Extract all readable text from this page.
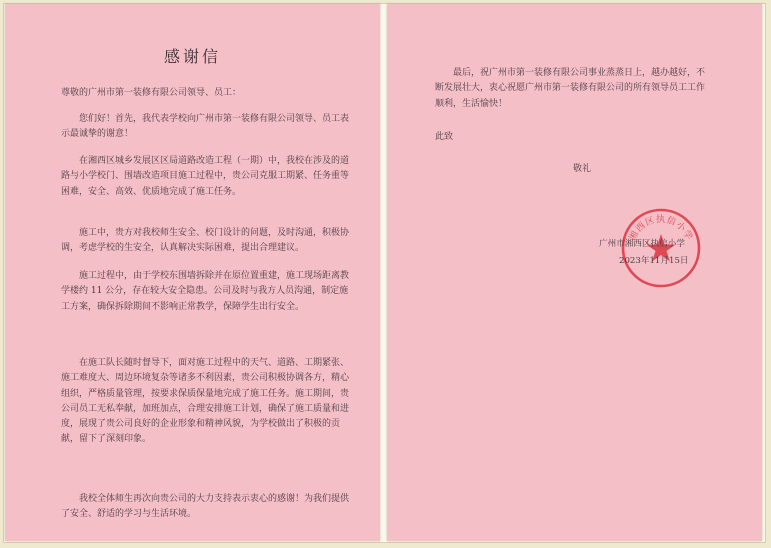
感谢信
尊敬的广州市第一装修有限公司领导、员工：
您们好！首先，我代表学校向广州市第一装修有限公司领导、员工表示最诚挚的谢意！
在湘西区城乡发展区区局道路改造工程（一期）中，我校在涉及的道路与小学校门、围墙改造项目施工过程中，贵公司克服工期紧、任务重等困难，安全、高效、优质地完成了施工任务。
施工中，贵方对我校师生安全、校门设计的问题，及时沟通，积极协调，考虑学校的生安全，认真解决实际困难，提出合理建议。
施工过程中，由于学校东围墙拆除并在原位置重建，施工现场距离教学楼约 11 公分，存在较大安全隐患。公司及时与我方人员沟通，制定施工方案，确保拆除期间不影响正常教学，保障学生出行安全。
在施工队长随时督导下，面对施工过程中的天气、道路、工期紧张、施工难度大、周边环境复杂等诸多不利因素，贵公司积极协调各方，精心组织，严格质量管理，按要求保质保量地完成了施工任务。施工期间，贵公司员工无私奉献，加班加点，合理安排施工计划，确保了施工质量和进度，展现了贵公司良好的企业形象和精神风貌，为学校做出了积极的贡献，留下了深刻印象。
我校全体师生再次向贵公司的大力支持表示衷心的感谢！为我们提供了安全、舒适的学习与生活环境。
最后，祝广州市第一装修有限公司事业蒸蒸日上，越办越好，不断发展壮大，衷心祝愿广州市第一装修有限公司的所有领导员工工作顺利，生活愉快！
此致
敬礼
湘西区执信小学
广州市湘西区执信小学
2023年11月15日
